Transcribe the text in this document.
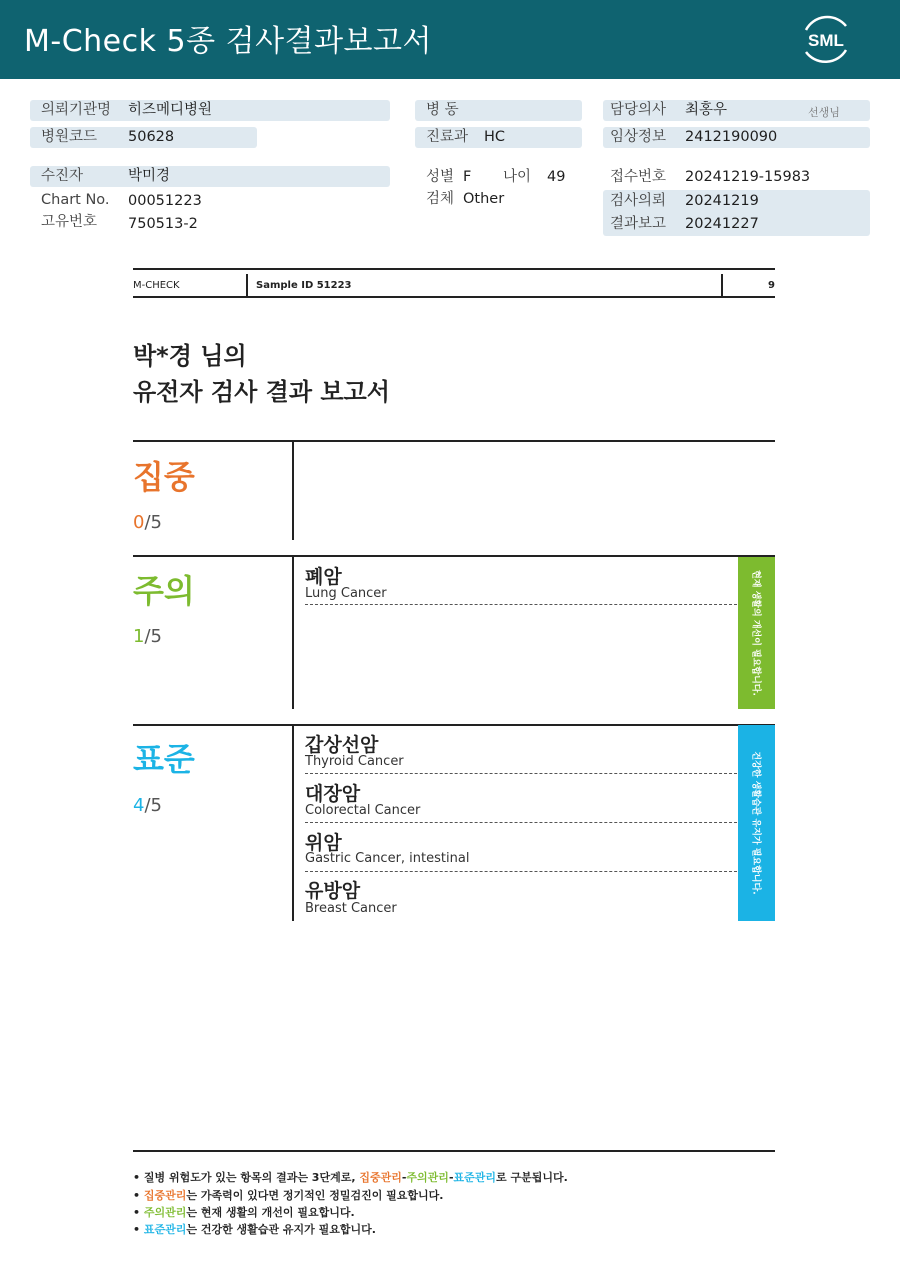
M-Check 5종 검사결과보고서	SML
의뢰기관명 히즈메디병원
병원코드 50628
병 동
진료과 HC
담당의사 최홍우	선생님
임상정보 2412190090
수진자	박미경
Chart No. 00051223
고유번호 750513-2
성별 F 나이 49
검체 Other
접수번호 20241219-15983
검사의뢰 20241219
결과보고 20241227
M-CHECK	Sample ID 51223	9
박*경 님의
유전자 검사 결과 보고서
집중
0/5
주의
1/5
폐암
Lung Cancer	현재 생활의 개선이 필요합니다.
표준
4/5
갑상선암
Thyroid Cancer
대장암
Colorectal Cancer
위암
Gastric Cancer, intestinal
유방암
Breast Cancer
건강한 생활습관 유지가 필요합니다.
• 질병 위험도가 있는 항목의 결과는 3단계로, 집중관리-주의관리-표준관리로 구분됩니다.
• 집중관리는 가족력이 있다면 정기적인 정밀검진이 필요합니다.
• 주의관리는 현재 생활의 개선이 필요합니다.
• 표준관리는 건강한 생활습관 유지가 필요합니다.
